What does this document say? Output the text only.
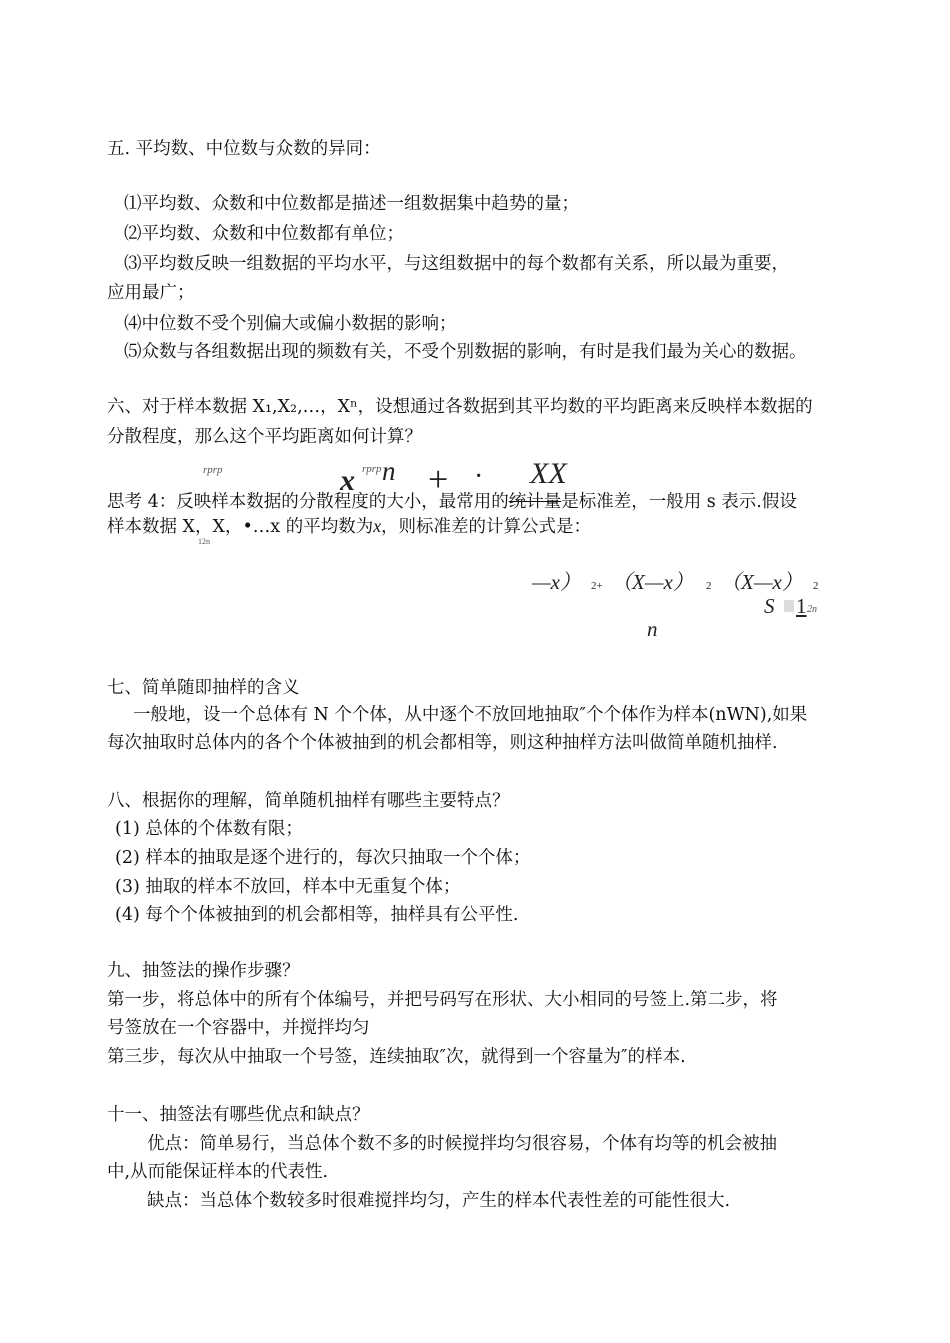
五. 平均数、中位数与众数的异同：
⑴平均数、众数和中位数都是描述一组数据集中趋势的量；
⑵平均数、众数和中位数都有单位；
⑶平均数反映一组数据的平均水平，与这组数据中的每个数都有关系，所以最为重要，
应用最广；
⑷中位数不受个别偏大或偏小数据的影响；
⑸众数与各组数据出现的频数有关，不受个别数据的影响，有时是我们最为关心的数据。
六、对于样本数据 X₁,X₂,…，Xⁿ，设想通过各数据到其平均数的平均距离来反映样本数据的
分散程度，那么这个平均距离如何计算？
rprp	x rprp n + · XX
思考 4：反映样本数据的分散程度的大小，最常用的统计量是标准差，一般用 s 表示.假设
样本数据 X，X，•…x 的平均数为x，则标准差的计算公式是：
12n
—x） 2+ （X—x） 2 （X—x） 2
S 1 2n
n
七、简单随即抽样的含义
一般地，设一个总体有 N 个个体，从中逐个不放回地抽取″个个体作为样本(nWN),如果
每次抽取时总体内的各个个体被抽到的机会都相等，则这种抽样方法叫做简单随机抽样.
八、根据你的理解，简单随机抽样有哪些主要特点？
(1) 总体的个体数有限；
(2) 样本的抽取是逐个进行的，每次只抽取一个个体；
(3) 抽取的样本不放回，样本中无重复个体；
(4) 每个个体被抽到的机会都相等，抽样具有公平性.
九、抽签法的操作步骤？
第一步，将总体中的所有个体编号，并把号码写在形状、大小相同的号签上.第二步，将
号签放在一个容器中，并搅拌均匀
第三步，每次从中抽取一个号签，连续抽取″次，就得到一个容量为″的样本.
十一、抽签法有哪些优点和缺点？
优点：简单易行，当总体个数不多的时候搅拌均匀很容易，个体有均等的机会被抽
中,从而能保证样本的代表性.
缺点：当总体个数较多时很难搅拌均匀，产生的样本代表性差的可能性很大.
